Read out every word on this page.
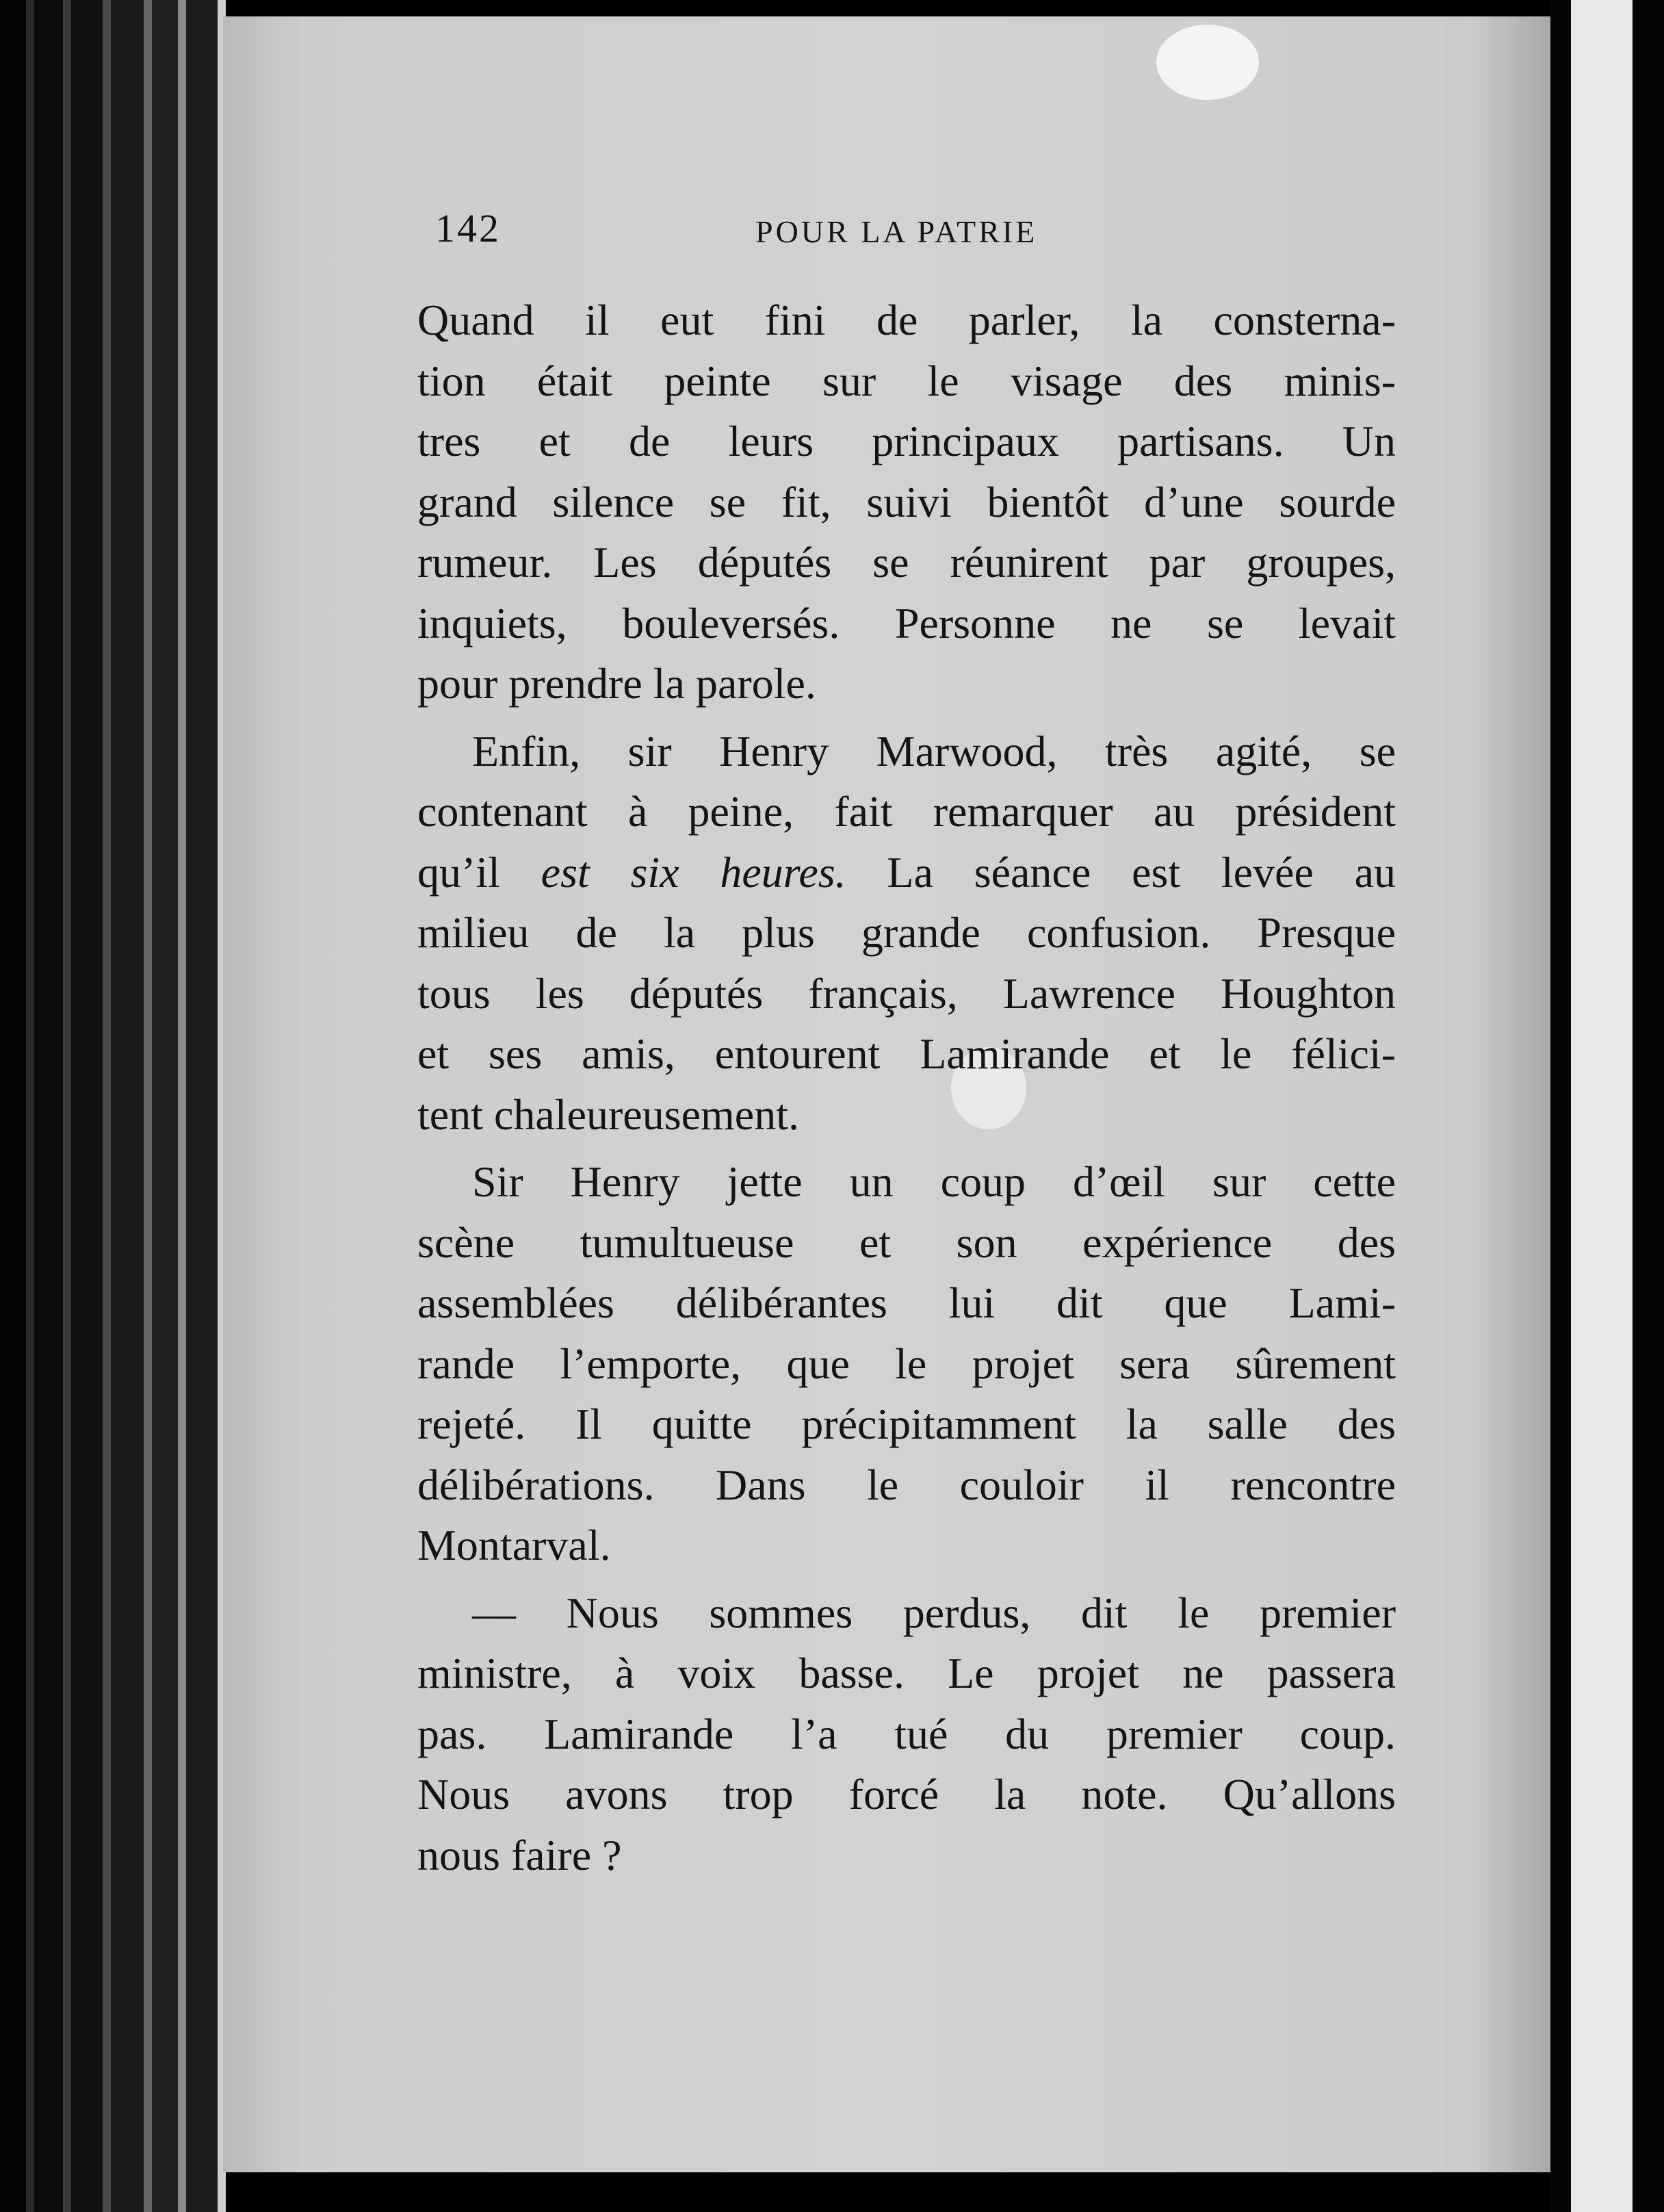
142	POUR LA PATRIE
Quand il eut fini de parler, la consterna-
tion était peinte sur le visage des minis-
tres et de leurs principaux partisans. Un
grand silence se fit, suivi bientôt d’une sourde
rumeur. Les députés se réunirent par groupes,
inquiets, bouleversés. Personne ne se levait
pour prendre la parole.
Enfin, sir Henry Marwood, très agité, se
contenant à peine, fait remarquer au président
qu’il est six heures. La séance est levée au
milieu de la plus grande confusion. Presque
tous les députés français, Lawrence Houghton
et ses amis, entourent Lamirande et le félici-
tent chaleureusement.
Sir Henry jette un coup d’œil sur cette
scène tumultueuse et son expérience des
assemblées délibérantes lui dit que Lami-
rande l’emporte, que le projet sera sûrement
rejeté. Il quitte précipitamment la salle des
délibérations. Dans le couloir il rencontre
Montarval.
— Nous sommes perdus, dit le premier
ministre, à voix basse. Le projet ne passera
pas. Lamirande l’a tué du premier coup.
Nous avons trop forcé la note. Qu’allons
nous faire ?
